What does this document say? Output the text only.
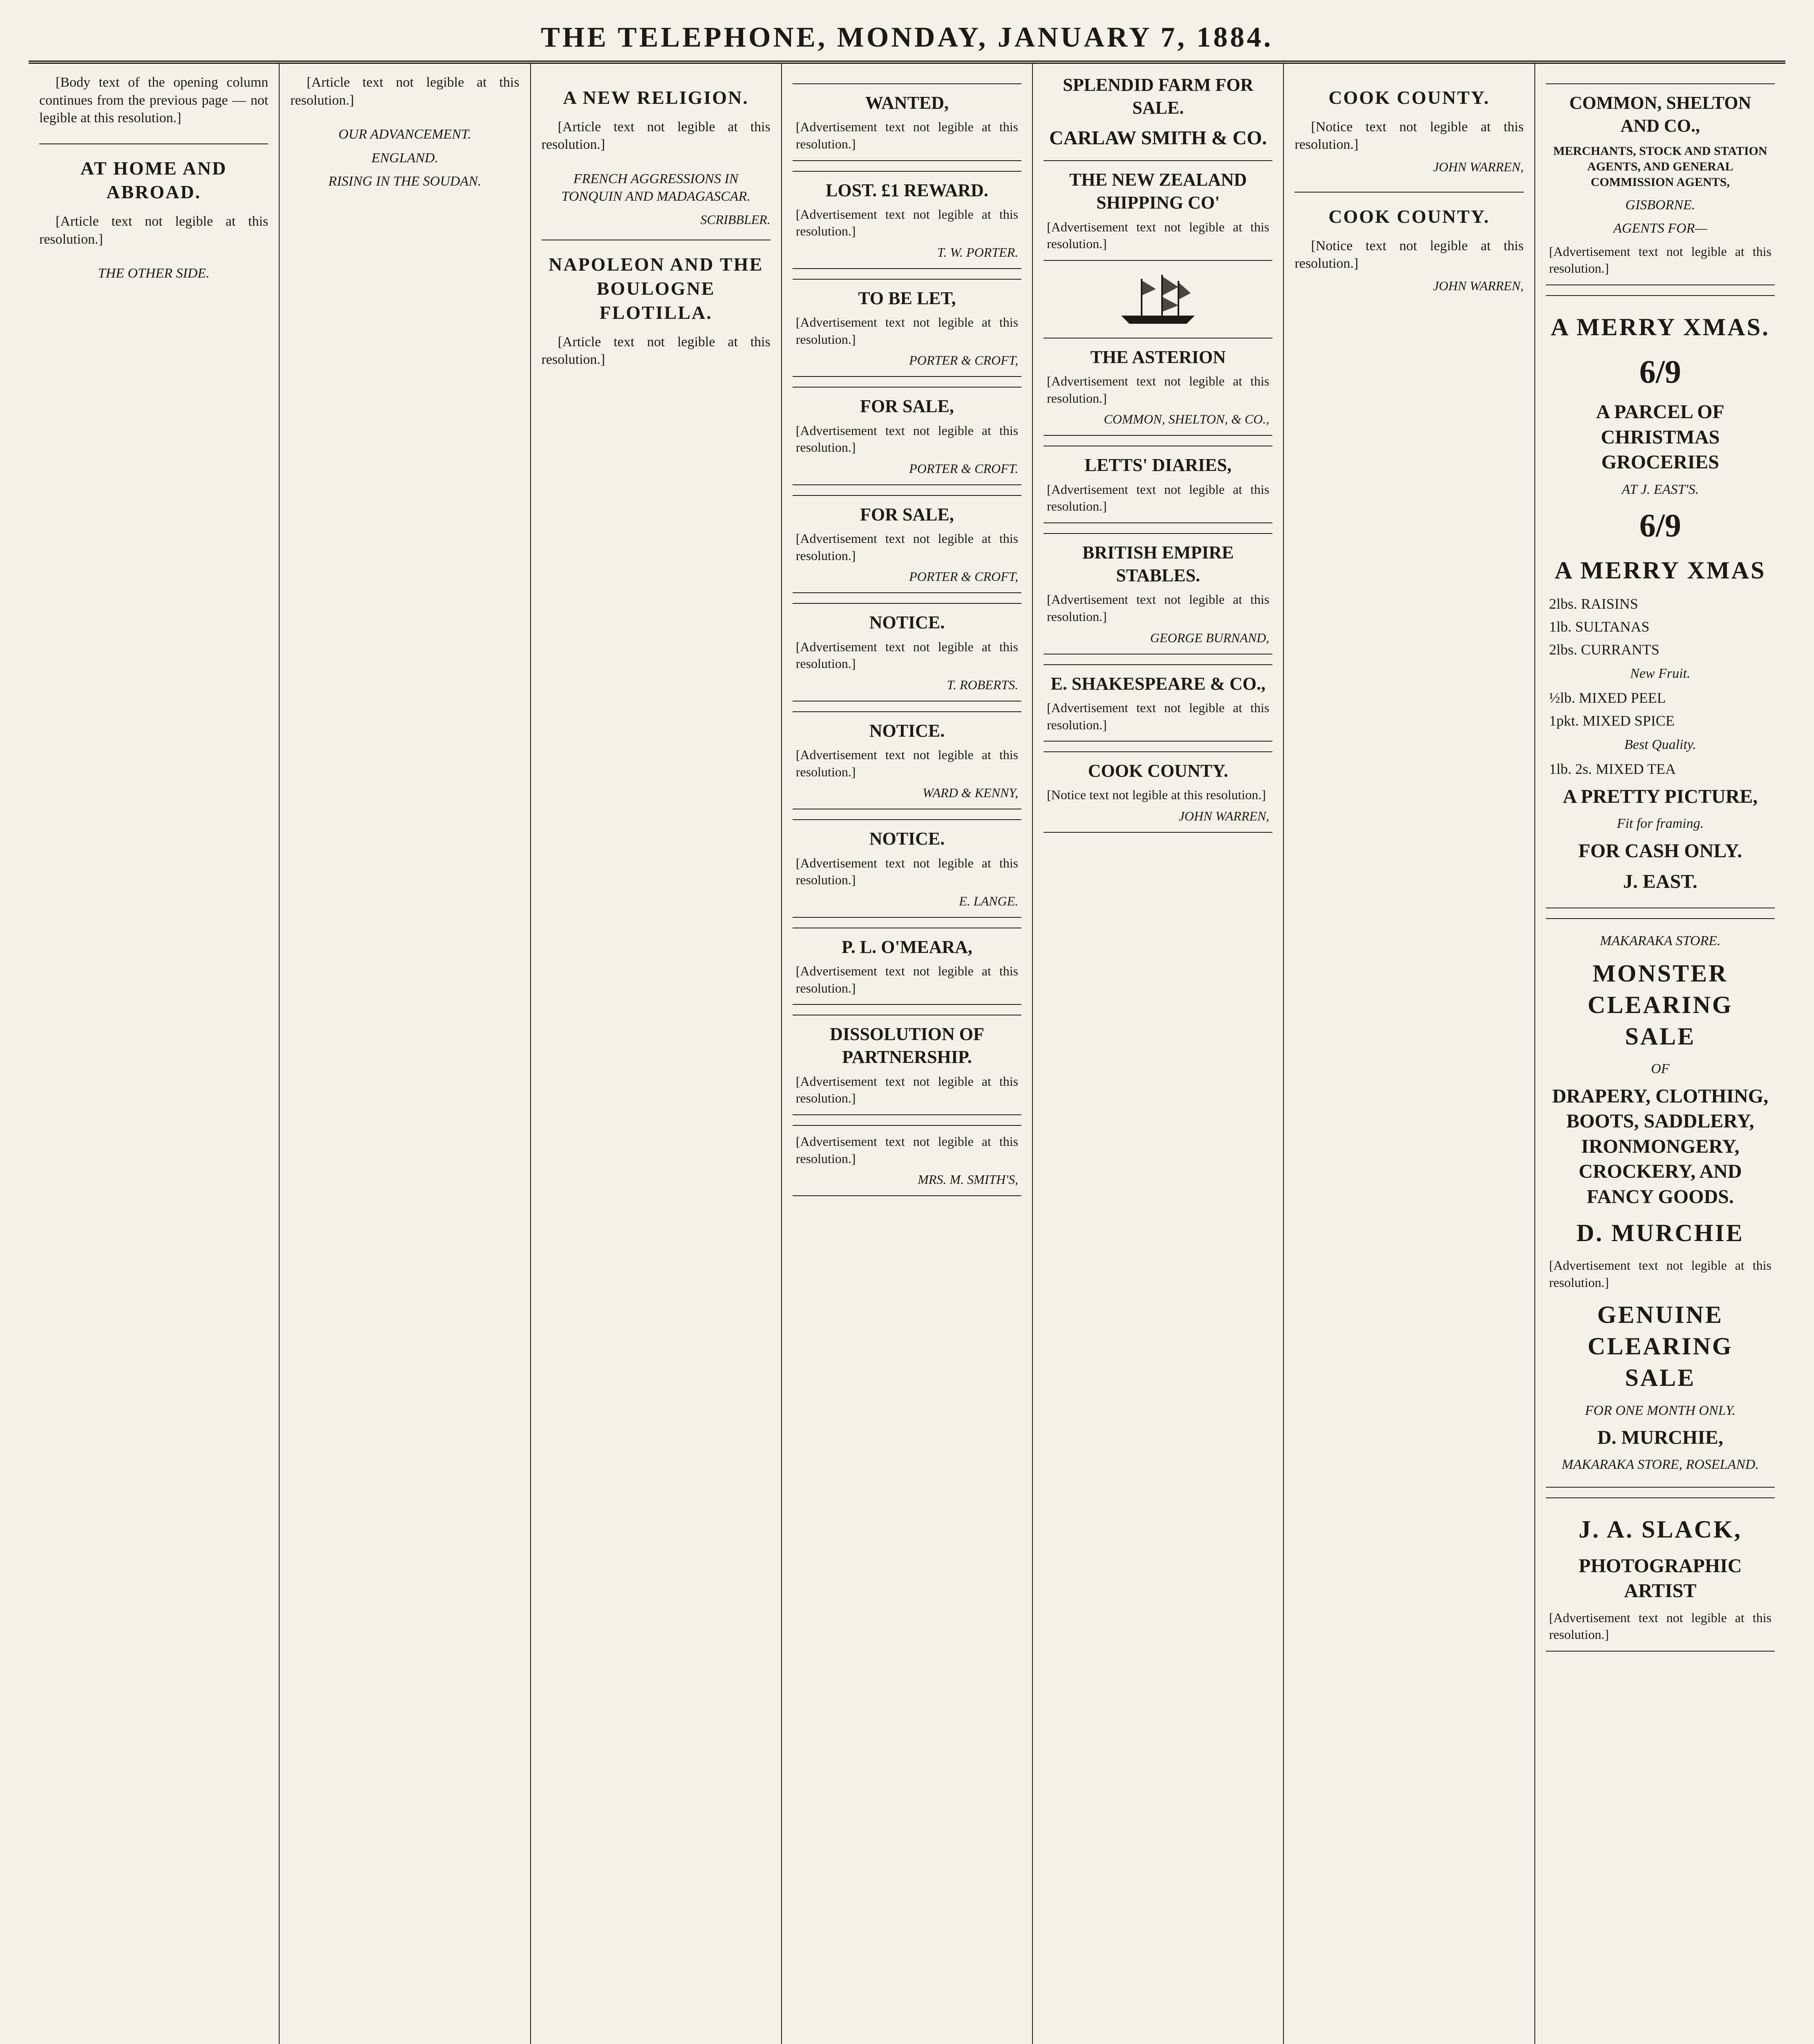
THE TELEPHONE, MONDAY, JANUARY 7, 1884.

[Body text of the opening column continues from the previous page — not legible at this resolution.]

AT HOME AND ABROAD.

[Article text not legible at this resolution.]

THE OTHER SIDE.

[Article text not legible at this resolution.]

OUR ADVANCEMENT.
ENGLAND.
RISING IN THE SOUDAN.
A NEW RELIGION.

[Article text not legible at this resolution.]

FRENCH AGGRESSIONS IN TONQUIN AND MADAGASCAR.
SCRIBBLER.
NAPOLEON AND THE BOULOGNE FLOTILLA.

[Article text not legible at this resolution.]

WANTED,
[Advertisement text not legible at this resolution.]
LOST. £1 REWARD.
[Advertisement text not legible at this resolution.]
T. W. PORTER.
TO BE LET,
[Advertisement text not legible at this resolution.]
PORTER & CROFT,
FOR SALE,
[Advertisement text not legible at this resolution.]
PORTER & CROFT.
FOR SALE,
[Advertisement text not legible at this resolution.]
PORTER & CROFT,
NOTICE.
[Advertisement text not legible at this resolution.]
T. ROBERTS.
NOTICE.
[Advertisement text not legible at this resolution.]
WARD & KENNY,
NOTICE.
[Advertisement text not legible at this resolution.]
E. LANGE.
P. L. O'MEARA,
[Advertisement text not legible at this resolution.]
DISSOLUTION OF PARTNERSHIP.
[Advertisement text not legible at this resolution.]
[Advertisement text not legible at this resolution.]
MRS. M. SMITH'S,
SPLENDID FARM FOR SALE.
CARLAW SMITH & CO.
THE NEW ZEALAND SHIPPING CO'
[Advertisement text not legible at this resolution.]
THE ASTERION
[Advertisement text not legible at this resolution.]
COMMON, SHELTON, & CO.,
LETTS' DIARIES,
[Advertisement text not legible at this resolution.]
BRITISH EMPIRE STABLES.
[Advertisement text not legible at this resolution.]
GEORGE BURNAND,
E. SHAKESPEARE & CO.,
[Advertisement text not legible at this resolution.]
COOK COUNTY.
[Notice text not legible at this resolution.]
JOHN WARREN,
COOK COUNTY.

[Notice text not legible at this resolution.]

JOHN WARREN,
COOK COUNTY.

[Notice text not legible at this resolution.]

JOHN WARREN,
COMMON, SHELTON AND CO.,
MERCHANTS, STOCK AND STATION AGENTS, AND GENERAL COMMISSION AGENTS,
GISBORNE.
AGENTS FOR—
[Advertisement text not legible at this resolution.]
A MERRY XMAS.
6/9
A PARCEL OF CHRISTMAS GROCERIES
AT J. EAST'S.
6/9
A MERRY XMAS
2lbs. RAISINS
1lb. SULTANAS
2lbs. CURRANTS
New Fruit.
½lb. MIXED PEEL
1pkt. MIXED SPICE
Best Quality.
1lb. 2s. MIXED TEA
A PRETTY PICTURE,
Fit for framing.
FOR CASH ONLY.
J. EAST.
MAKARAKA STORE.
MONSTER CLEARING SALE
OF
DRAPERY, CLOTHING, BOOTS, SADDLERY, IRONMONGERY, CROCKERY, AND FANCY GOODS.
D. MURCHIE
[Advertisement text not legible at this resolution.]
GENUINE CLEARING SALE
FOR ONE MONTH ONLY.
D. MURCHIE,
MAKARAKA STORE, ROSELAND.
J. A. SLACK,
PHOTOGRAPHIC ARTIST
[Advertisement text not legible at this resolution.]
